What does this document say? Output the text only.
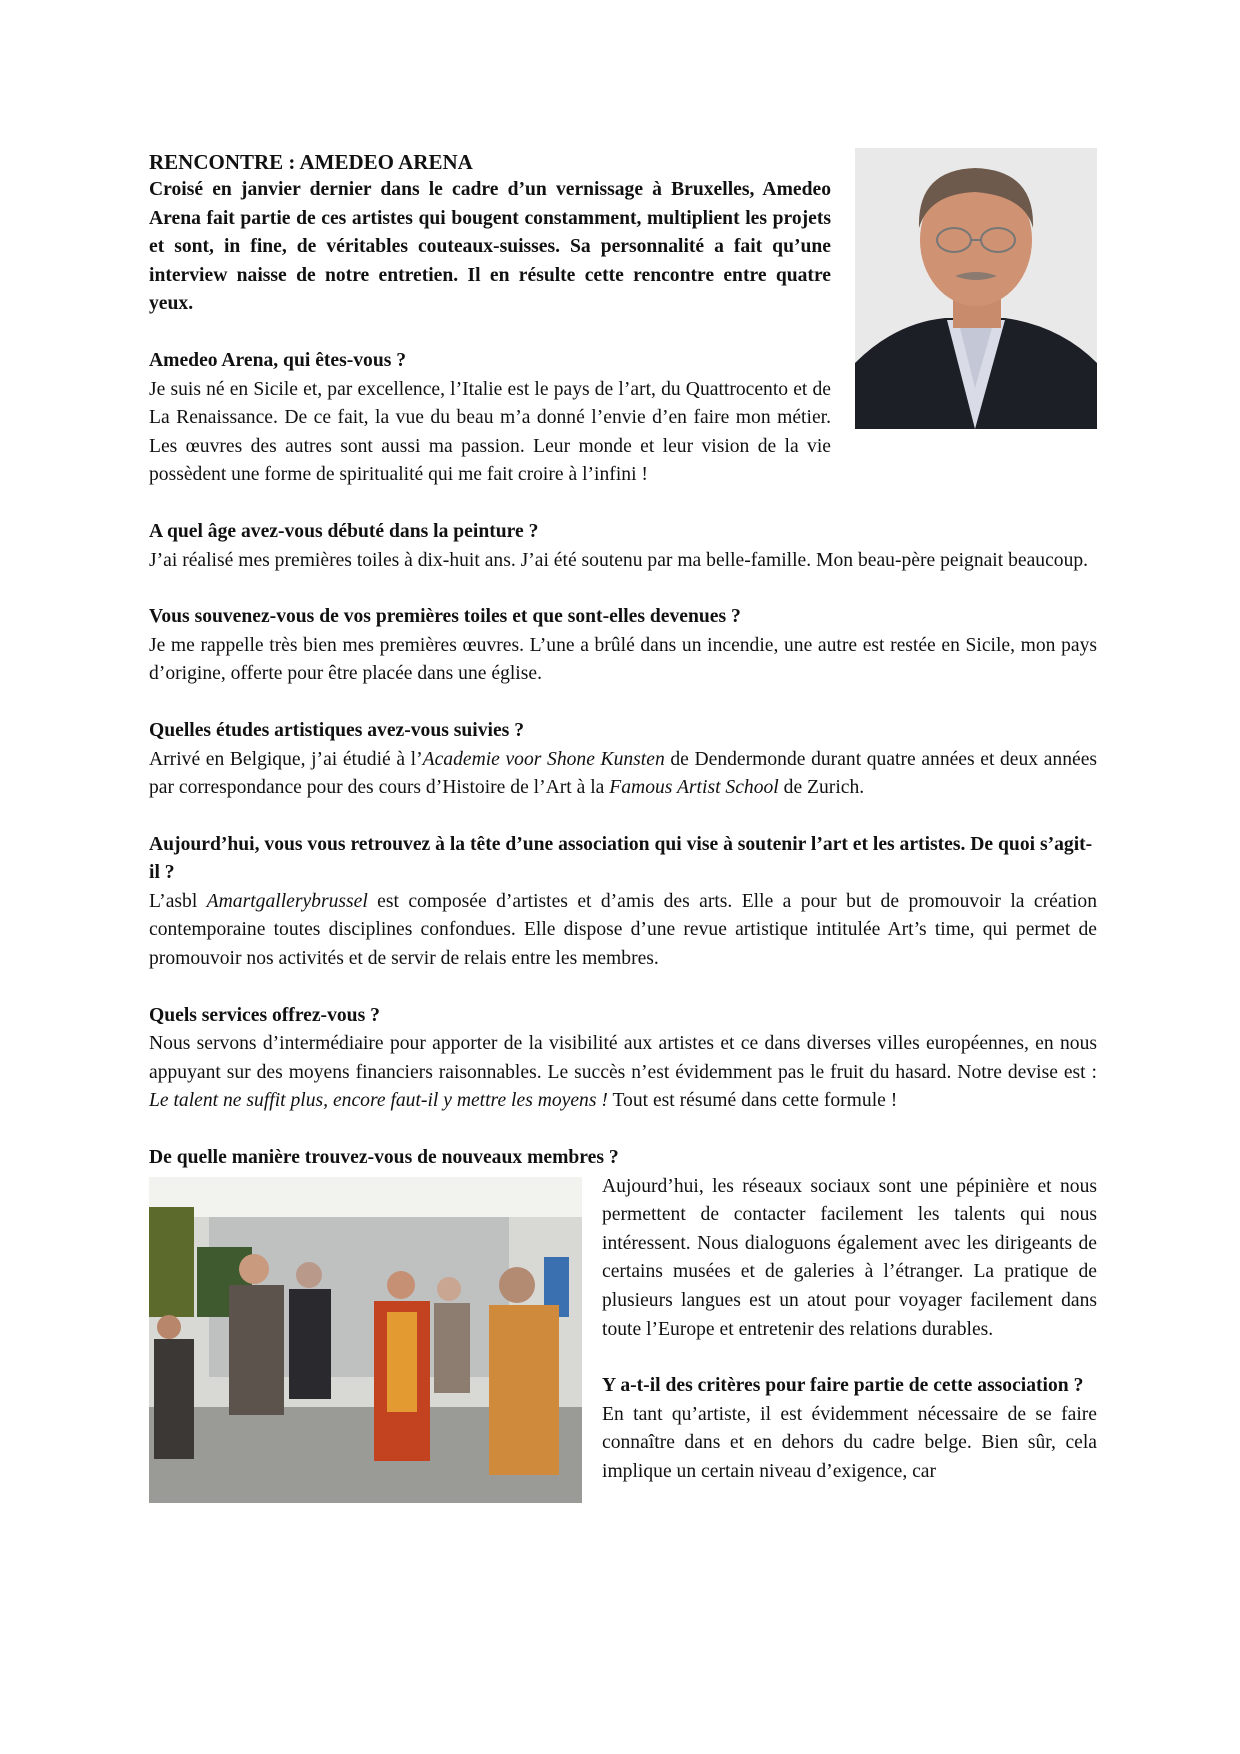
RENCONTRE : AMEDEO ARENA

Croisé en janvier dernier dans le cadre d’un vernissage à Bruxelles, Amedeo Arena fait partie de ces artistes qui bougent constamment, multiplient les projets et sont, in fine, de véritables couteaux-suisses. Sa personnalité a fait qu’une interview naisse de notre entretien. Il en résulte cette rencontre entre quatre yeux.

Amedeo Arena, qui êtes-vous ?

Je suis né en Sicile et, par excellence, l’Italie est le pays de l’art, du Quattrocento et de La Renaissance. De ce fait, la vue du beau m’a donné l’envie d’en faire mon métier. Les œuvres des autres sont aussi ma passion. Leur monde et leur vision de la vie possèdent une forme de spiritualité qui me fait croire à l’infini !

A quel âge avez-vous débuté dans la peinture ?

J’ai réalisé mes premières toiles à dix-huit ans. J’ai été soutenu par ma belle-famille. Mon beau-père peignait beaucoup.

Vous souvenez-vous de vos premières toiles et que sont-elles devenues ?

Je me rappelle très bien mes premières œuvres. L’une a brûlé dans un incendie, une autre est restée en Sicile, mon pays d’origine, offerte pour être placée dans une église.

Quelles études artistiques avez-vous suivies ?

Arrivé en Belgique, j’ai étudié à l’Academie voor Shone Kunsten de Dendermonde durant quatre années et deux années par correspondance pour des cours d’Histoire de l’Art à la Famous Artist School de Zurich.

Aujourd’hui, vous vous retrouvez à la tête d’une association qui vise à soutenir l’art et les artistes. De quoi s’agit-il ?

L’asbl Amartgallerybrussel est composée d’artistes et d’amis des arts. Elle a pour but de promouvoir la création contemporaine toutes disciplines confondues. Elle dispose d’une revue artistique intitulée Art’s time, qui permet de promouvoir nos activités et de servir de relais entre les membres.

Quels services offrez-vous ?

Nous servons d’intermédiaire pour apporter de la visibilité aux artistes et ce dans diverses villes européennes, en nous appuyant sur des moyens financiers raisonnables. Le succès n’est évidemment pas le fruit du hasard. Notre devise est : Le talent ne suffit plus, encore faut-il y mettre les moyens ! Tout est résumé dans cette formule !

De quelle manière trouvez-vous de nouveaux membres ?

Aujourd’hui, les réseaux sociaux sont une pépinière et nous permettent de contacter facilement les talents qui nous intéressent. Nous dialoguons également avec les dirigeants de certains musées et de galeries à l’étranger. La pratique de plusieurs langues est un atout pour voyager facilement dans toute l’Europe et entretenir des relations durables.

Y a-t-il des critères pour faire partie de cette association ?

En tant qu’artiste, il est évidemment nécessaire de se faire connaître dans et en dehors du cadre belge. Bien sûr, cela implique un certain niveau d’exigence, car
